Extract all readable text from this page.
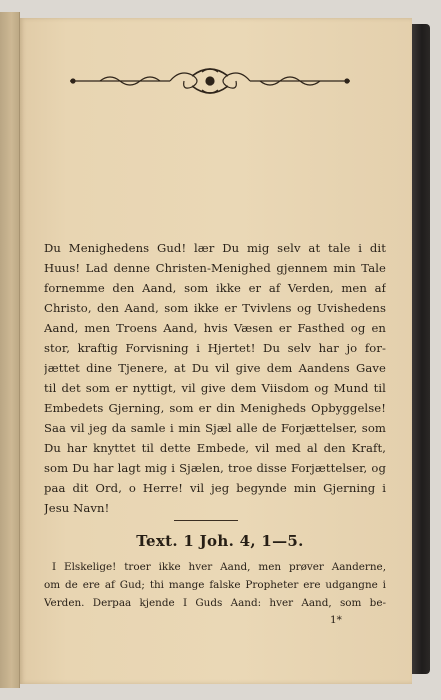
Du Menighedens Gud! lær Du mig selv at tale i dit
Huus! Lad denne Christen-Menighed gjennem min Tale
fornemme den Aand, som ikke er af Verden, men af
Christo, den Aand, som ikke er Tvivlens og Uvishedens
Aand, men Troens Aand, hvis Væsen er Fasthed og en
stor, kraftig Forvisning i Hjertet! Du selv har jo for-
jættet dine Tjenere, at Du vil give dem Aandens Gave
til det som er nyttigt, vil give dem Viisdom og Mund til
Embedets Gjerning, som er din Menigheds Opbyggelse!
Saa vil jeg da samle i min Sjæl alle de Forjættelser, som
Du har knyttet til dette Embede, vil med al den Kraft,
som Du har lagt mig i Sjælen, troe disse Forjættelser, og
paa dit Ord, o Herre! vil jeg begynde min Gjerning i
Jesu Navn!
Text. 1 Joh. 4, 1—5.
I Elskelige! troer ikke hver Aand, men prøver Aanderne,
om de ere af Gud; thi mange falske Propheter ere udgangne i
Verden. Derpaa kjende I Guds Aand: hver Aand, som be-
1*
